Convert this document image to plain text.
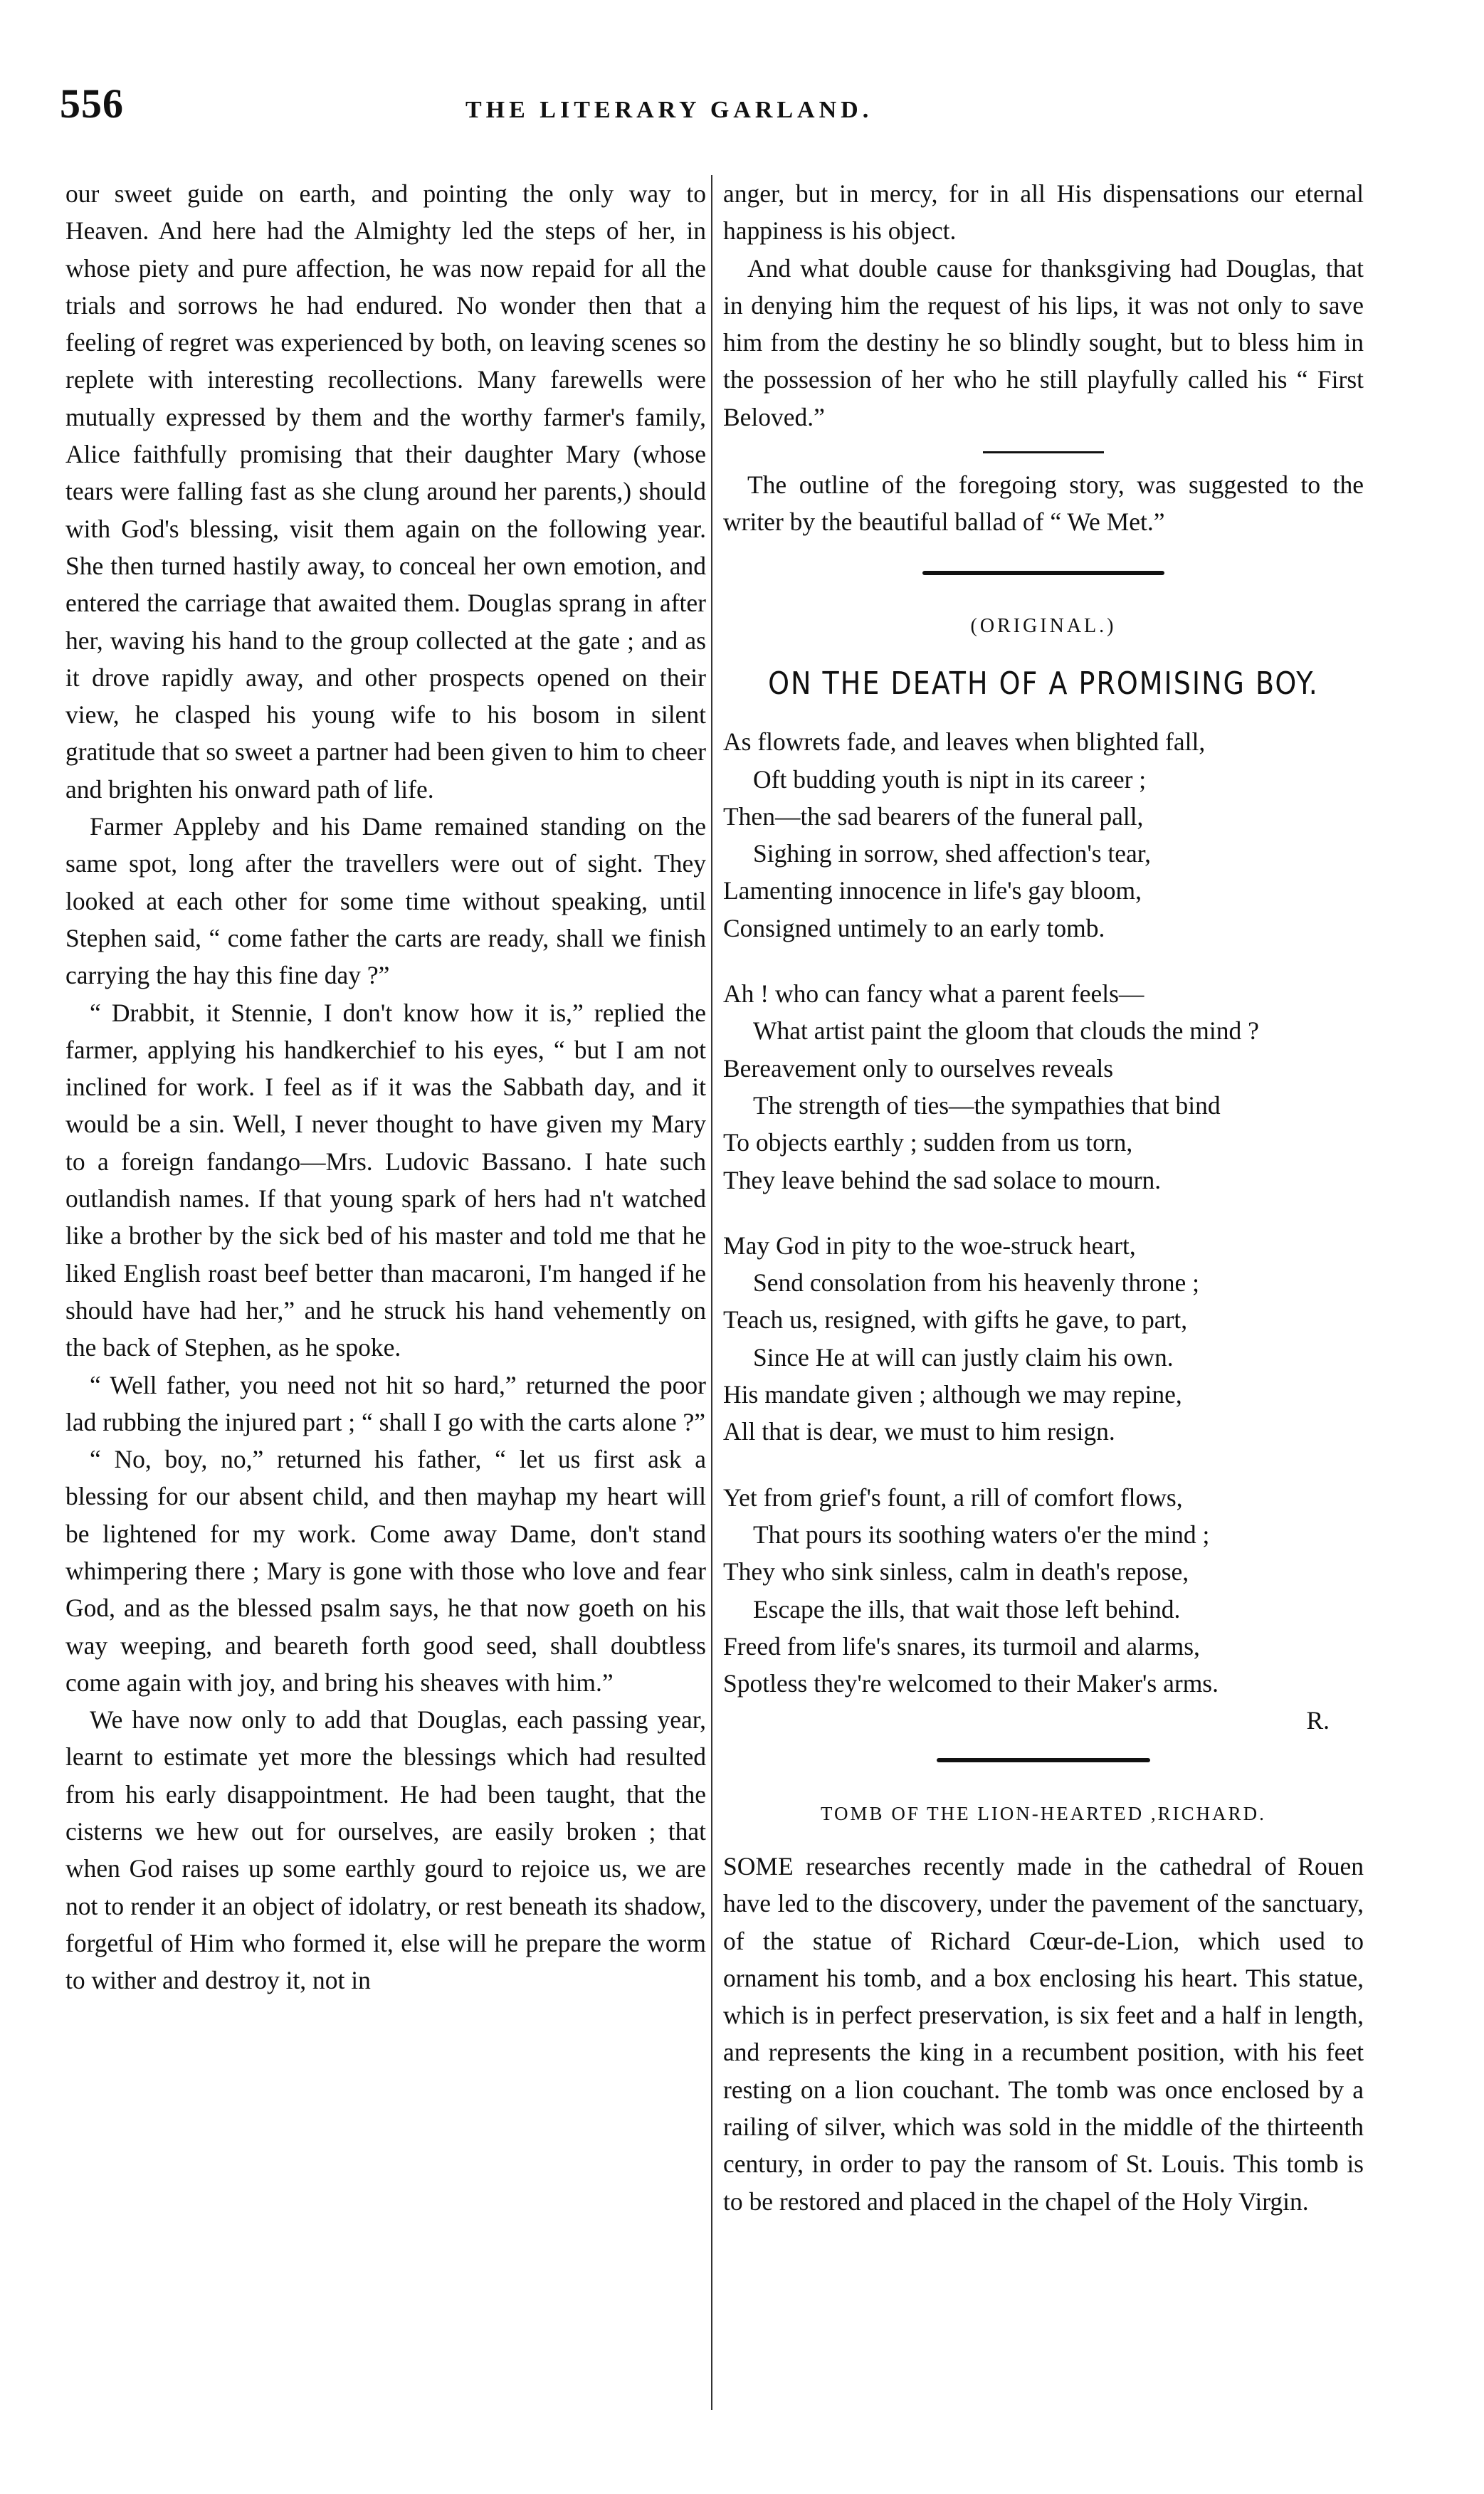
556	THE LITERARY GARLAND.

our sweet guide on earth, and pointing the only way to Heaven. And here had the Almighty led the steps of her, in whose piety and pure affection, he was now repaid for all the trials and sorrows he had endured. No wonder then that a feeling of regret was experienced by both, on leaving scenes so replete with interesting recollections. Many farewells were mutually expressed by them and the worthy farmer's family, Alice faithfully promising that their daughter Mary (whose tears were falling fast as she clung around her parents,) should with God's blessing, visit them again on the following year. She then turned hastily away, to conceal her own emotion, and entered the carriage that awaited them. Douglas sprang in after her, waving his hand to the group collected at the gate ; and as it drove rapidly away, and other prospects opened on their view, he clasped his young wife to his bosom in silent gratitude that so sweet a partner had been given to him to cheer and brighten his onward path of life.

Farmer Appleby and his Dame remained standing on the same spot, long after the travellers were out of sight. They looked at each other for some time without speaking, until Stephen said, “ come father the carts are ready, shall we finish carrying the hay this fine day ?”

“ Drabbit, it Stennie, I don't know how it is,” replied the farmer, applying his handkerchief to his eyes, “ but I am not inclined for work. I feel as if it was the Sabbath day, and it would be a sin. Well, I never thought to have given my Mary to a foreign fandango—Mrs. Ludovic Bassano. I hate such outlandish names. If that young spark of hers had n't watched like a brother by the sick bed of his master and told me that he liked English roast beef better than macaroni, I'm hanged if he should have had her,” and he struck his hand vehemently on the back of Stephen, as he spoke.

“ Well father, you need not hit so hard,” returned the poor lad rubbing the injured part ; “ shall I go with the carts alone ?”

“ No, boy, no,” returned his father, “ let us first ask a blessing for our absent child, and then mayhap my heart will be lightened for my work. Come away Dame, don't stand whimpering there ; Mary is gone with those who love and fear God, and as the blessed psalm says, he that now goeth on his way weeping, and beareth forth good seed, shall doubtless come again with joy, and bring his sheaves with him.”

We have now only to add that Douglas, each passing year, learnt to estimate yet more the blessings which had resulted from his early disappointment. He had been taught, that the cisterns we hew out for ourselves, are easily broken ; that when God raises up some earthly gourd to rejoice us, we are not to render it an object of idolatry, or rest beneath its shadow, forgetful of Him who formed it, else will he prepare the worm to wither and destroy it, not in

anger, but in mercy, for in all His dispensations our eternal happiness is his object.

And what double cause for thanksgiving had Douglas, that in denying him the request of his lips, it was not only to save him from the destiny he so blindly sought, but to bless him in the possession of her who he still playfully called his “ First Beloved.”

The outline of the foregoing story, was suggested to the writer by the beautiful ballad of “ We Met.”

(ORIGINAL.)
ON THE DEATH OF A PROMISING BOY.
As flowrets fade, and leaves when blighted fall,
Oft budding youth is nipt in its career ;
Then—the sad bearers of the funeral pall,
Sighing in sorrow, shed affection's tear,
Lamenting innocence in life's gay bloom,
Consigned untimely to an early tomb.
Ah ! who can fancy what a parent feels—
What artist paint the gloom that clouds the mind ?
Bereavement only to ourselves reveals
The strength of ties—the sympathies that bind
To objects earthly ; sudden from us torn,
They leave behind the sad solace to mourn.
May God in pity to the woe-struck heart,
Send consolation from his heavenly throne ;
Teach us, resigned, with gifts he gave, to part,
Since He at will can justly claim his own.
His mandate given ; although we may repine,
All that is dear, we must to him resign.
Yet from grief's fount, a rill of comfort flows,
That pours its soothing waters o'er the mind ;
They who sink sinless, calm in death's repose,
Escape the ills, that wait those left behind.
Freed from life's snares, its turmoil and alarms,
Spotless they're welcomed to their Maker's arms.
R.
TOMB OF THE LION-HEARTED ,RICHARD.

SOME researches recently made in the cathedral of Rouen have led to the discovery, under the pavement of the sanctuary, of the statue of Richard Cœur-de-Lion, which used to ornament his tomb, and a box enclosing his heart. This statue, which is in perfect preservation, is six feet and a half in length, and represents the king in a recumbent position, with his feet resting on a lion couchant. The tomb was once enclosed by a railing of silver, which was sold in the middle of the thirteenth century, in order to pay the ransom of St. Louis. This tomb is to be restored and placed in the chapel of the Holy Virgin.
